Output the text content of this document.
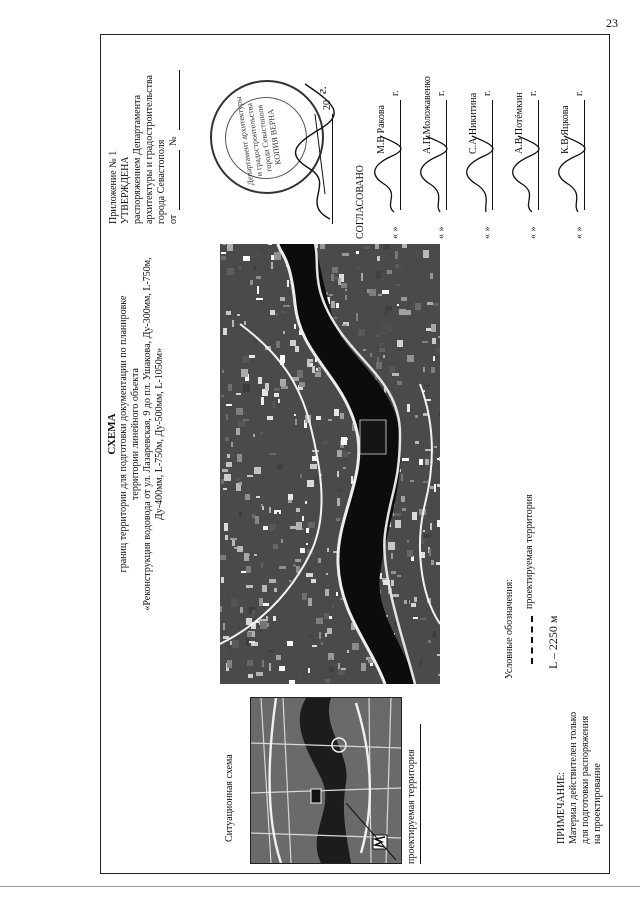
23
СХЕМА границ территории для подготовки документации по планировке территории линейного объекта «Реконструкция водовода от ул. Лазаревская, 9 до пл. Ушакова, Ду-300мм, L-750м, Ду-400мм, L-750м, Ду-500мм, L-1050м»
Ситуационная схема	проектируемая территория
Приложение № 1 УТВЕРЖДЕНА распоряжением Департамента архитектуры и градостроительства города Севастополя от
№	Департамент архитектуры и градостроительства города Севастополя КОПИЯ ВЕРНА
20
г.
СОГЛАСОВАНО
Условные обозначения:
проектируемая территория
L – 2250 м
ПРИМЕЧАНИЕ: Материал действителен только для подготовки распоряжения на проектирование
« »
М.В Ракова
г.
« »
А.П.Моложавенко г.
« »
С.А Никитина г.
« »
А.В Потёмкин г.
« »
К.В Яцкова
г.
